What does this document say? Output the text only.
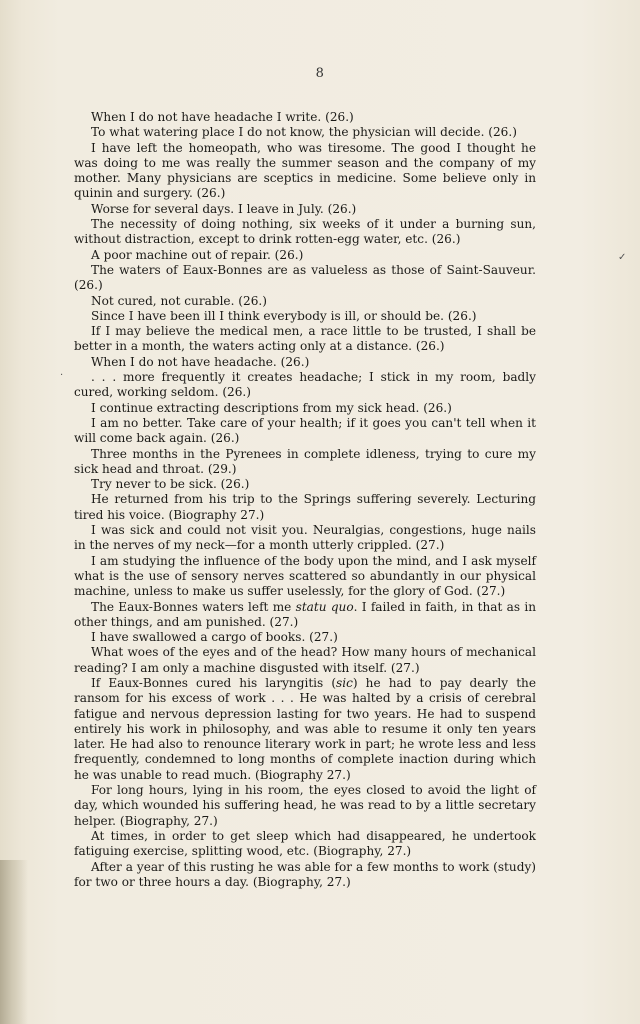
8
✓
·

When I do not have headache I write. (26.)

To what watering place I do not know, the physician will decide. (26.)

I have left the homeopath, who was tiresome. The good I thought he was doing to me was really the summer season and the company of my mother. Many physicians are sceptics in medicine. Some believe only in quinin and surgery. (26.)

Worse for several days. I leave in July. (26.)

The necessity of doing nothing, six weeks of it under a burning sun, without distraction, except to drink rotten-egg water, etc. (26.)

A poor machine out of repair. (26.)

The waters of Eaux-Bonnes are as valueless as those of Saint-Sauveur. (26.)

Not cured, not curable. (26.)

Since I have been ill I think everybody is ill, or should be. (26.)

If I may believe the medical men, a race little to be trusted, I shall be better in a month, the waters acting only at a distance. (26.)

When I do not have headache. (26.)

. . . more frequently it creates headache; I stick in my room, badly cured, working seldom. (26.)

I continue extracting descriptions from my sick head. (26.)

I am no better. Take care of your health; if it goes you can't tell when it will come back again. (26.)

Three months in the Pyrenees in complete idleness, trying to cure my sick head and throat. (29.)

Try never to be sick. (26.)

He returned from his trip to the Springs suffering severely. Lecturing tired his voice. (Biography 27.)

I was sick and could not visit you. Neuralgias, congestions, huge nails in the nerves of my neck—for a month utterly crippled. (27.)

I am studying the influence of the body upon the mind, and I ask myself what is the use of sensory nerves scattered so abundantly in our physical machine, unless to make us suffer uselessly, for the glory of God. (27.)

The Eaux-Bonnes waters left me statu quo. I failed in faith, in that as in other things, and am punished. (27.)

I have swallowed a cargo of books. (27.)

What woes of the eyes and of the head? How many hours of mechanical reading? I am only a machine disgusted with itself. (27.)

If Eaux-Bonnes cured his laryngitis (sic) he had to pay dearly the ransom for his excess of work . . . He was halted by a crisis of cerebral fatigue and nervous depression lasting for two years. He had to suspend entirely his work in philosophy, and was able to resume it only ten years later. He had also to renounce literary work in part; he wrote less and less frequently, condemned to long months of complete inaction during which he was unable to read much. (Biography 27.)

For long hours, lying in his room, the eyes closed to avoid the light of day, which wounded his suffering head, he was read to by a little secretary helper. (Biography, 27.)

At times, in order to get sleep which had disappeared, he undertook fatiguing exercise, splitting wood, etc. (Biography, 27.)

After a year of this rusting he was able for a few months to work (study) for two or three hours a day. (Biography, 27.)
